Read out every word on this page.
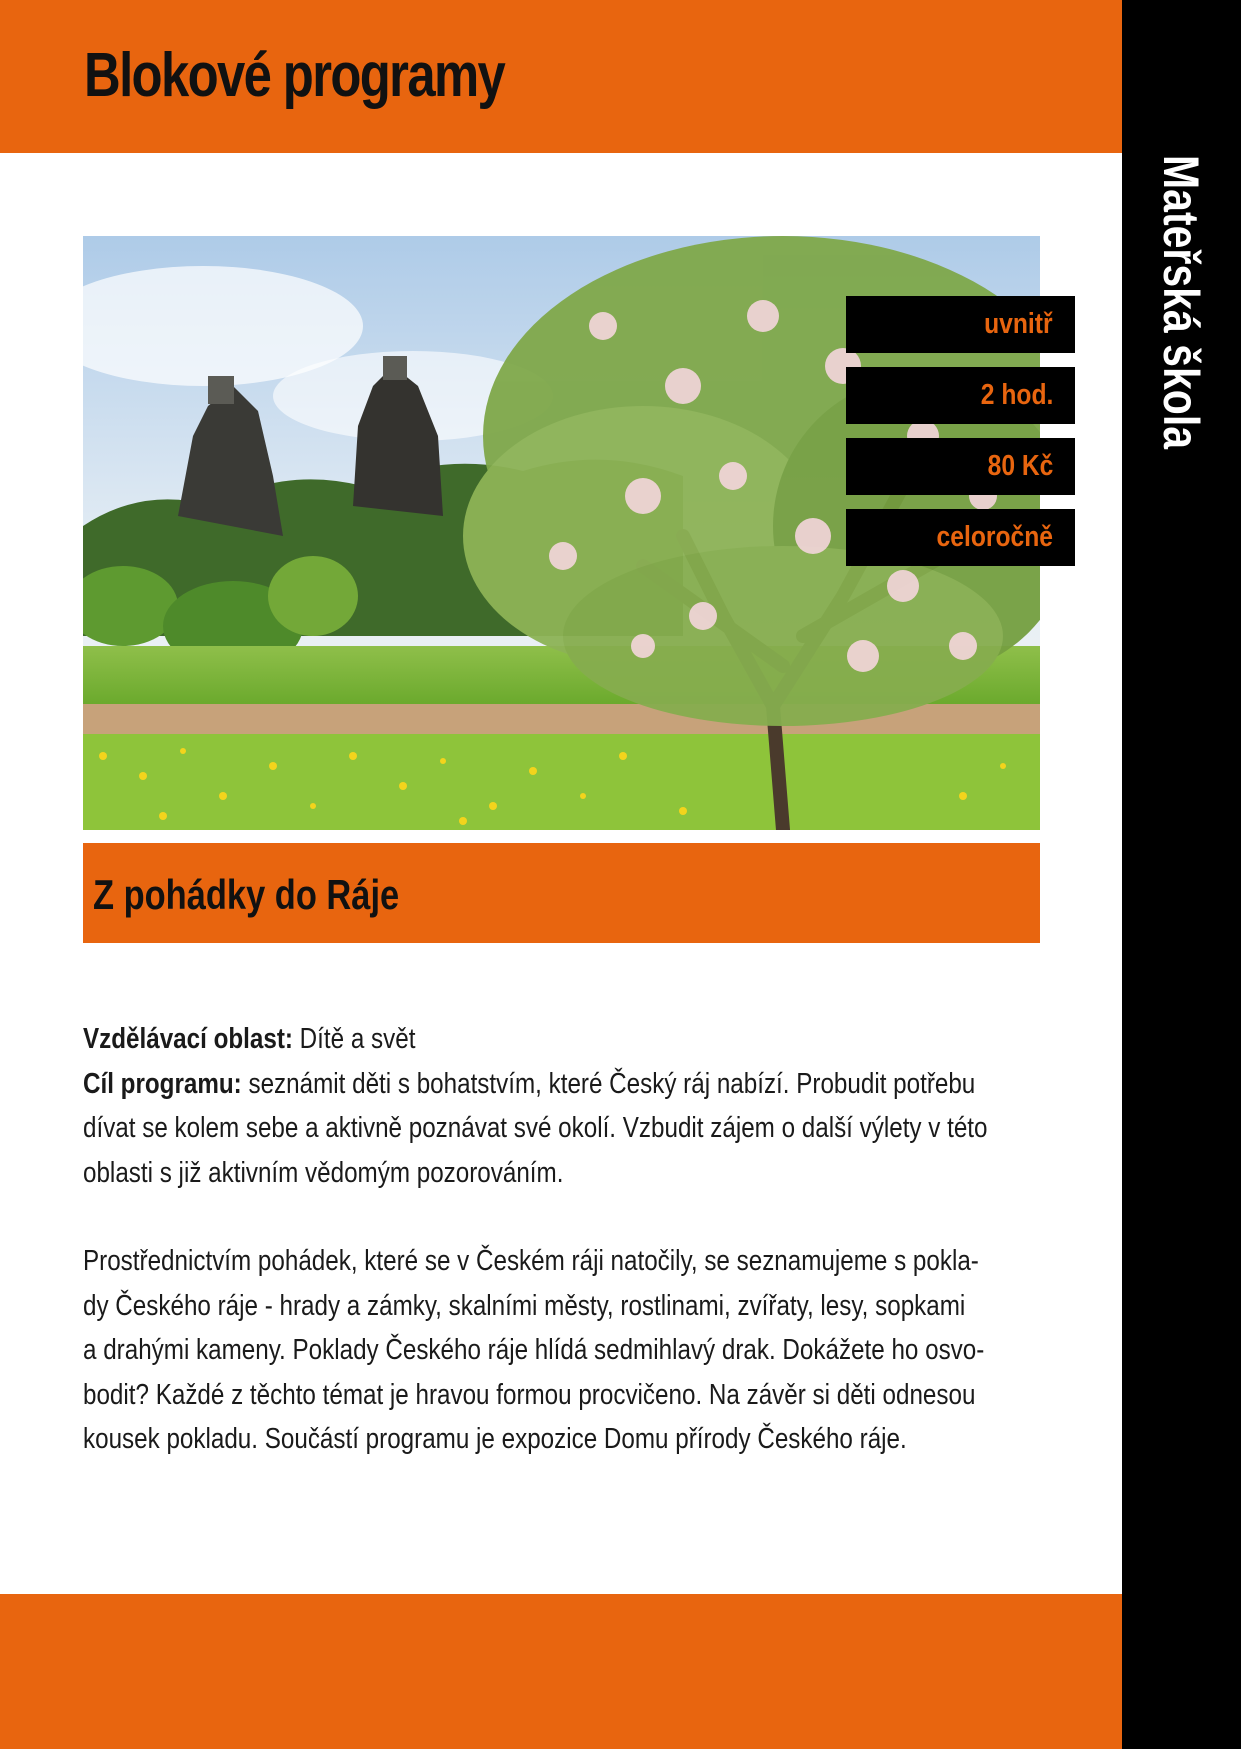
Blokové programy
Mateřská škola
uvnitř
2 hod.
80 Kč
celoročně
Z pohádky do Ráje

Vzdělávací oblast: Dítě a svět

Cíl programu: seznámit děti s bohatstvím, které Český ráj nabízí. Probudit potřebu

dívat se kolem sebe a aktivně poznávat své okolí. Vzbudit zájem o další výlety v této

oblasti s již aktivním vědomým pozorováním.

Prostřednictvím pohádek, které se v Českém ráji natočily, se seznamujeme s pokla-

dy Českého ráje - hrady a zámky, skalními městy, rostlinami, zvířaty, lesy, sopkami

a drahými kameny. Poklady Českého ráje hlídá sedmihlavý drak. Dokážete ho osvo-

bodit? Každé z těchto témat je hravou formou procvičeno. Na závěr si děti odnesou

kousek pokladu. Součástí programu je expozice Domu přírody Českého ráje.
